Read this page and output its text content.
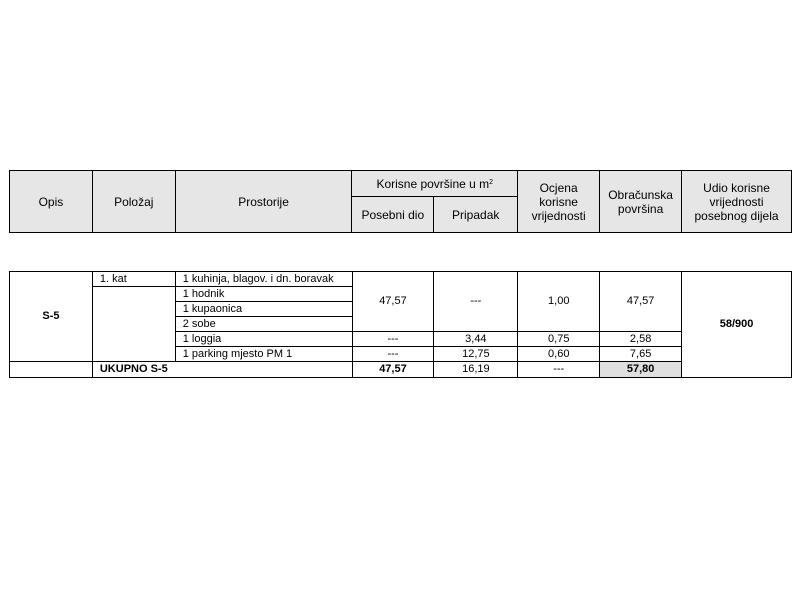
Opis	Položaj	Prostorije	Korisne površine u $m^2$		Ocjena korisne vrijednosti	Obračunska površina	Udio korisne vrijednosti posebnog dijela
			Posebni dio	Pripadak			
S-5	1. kat	1 kuhinja, blagov. i dn. boravak	47,57	---	1,00	47,57	58/900
		1 hodnik					
		1 kupaonica					
		2 sobe					
		1 loggia	---	3,44	0,75	2,58	
		1 parking mjesto PM 1	---	12,75	0,60	7,65	
	UKUPNO S-5		47,57	16,19	---	57,80	
